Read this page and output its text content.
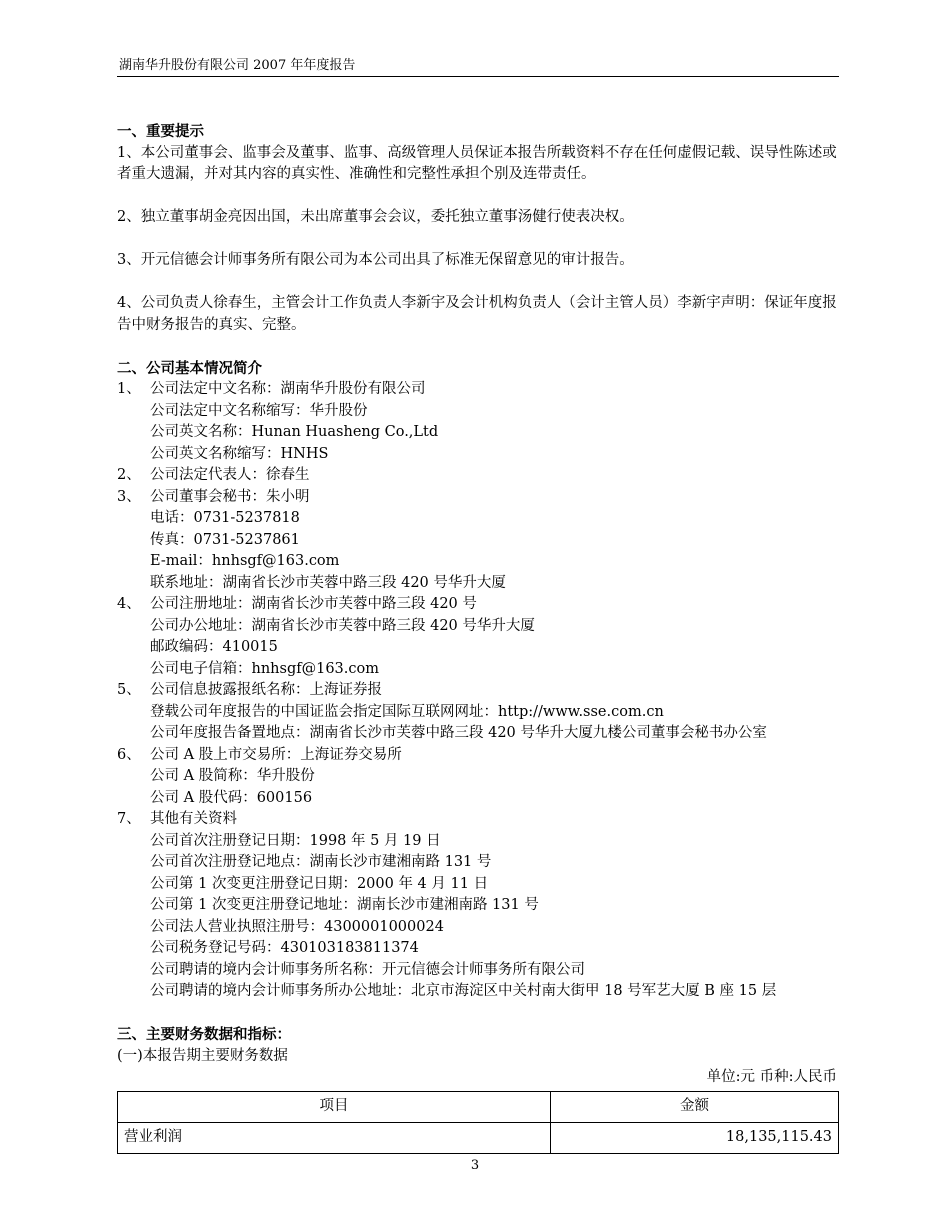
湖南华升股份有限公司 2007 年年度报告
一、重要提示
1、本公司董事会、监事会及董事、监事、高级管理人员保证本报告所载资料不存在任何虚假记载、误导性陈述或者重大遗漏，并对其内容的真实性、准确性和完整性承担个别及连带责任。
2、独立董事胡金亮因出国，未出席董事会会议，委托独立董事汤健行使表决权。
3、开元信德会计师事务所有限公司为本公司出具了标准无保留意见的审计报告。
4、公司负责人徐春生，主管会计工作负责人李新宇及会计机构负责人（会计主管人员）李新宇声明：保证年度报告中财务报告的真实、完整。
二、公司基本情况简介
1、 公司法定中文名称：湖南华升股份有限公司
公司法定中文名称缩写：华升股份
公司英文名称：Hunan Huasheng Co.,Ltd
公司英文名称缩写：HNHS
2、 公司法定代表人：徐春生
3、 公司董事会秘书：朱小明
电话：0731-5237818
传真：0731-5237861
E-mail：hnhsgf@163.com
联系地址：湖南省长沙市芙蓉中路三段 420 号华升大厦
4、 公司注册地址：湖南省长沙市芙蓉中路三段 420 号
公司办公地址：湖南省长沙市芙蓉中路三段 420 号华升大厦
邮政编码：410015
公司电子信箱：hnhsgf@163.com
5、 公司信息披露报纸名称：上海证券报
登载公司年度报告的中国证监会指定国际互联网网址：http://www.sse.com.cn
公司年度报告备置地点：湖南省长沙市芙蓉中路三段 420 号华升大厦九楼公司董事会秘书办公室
6、 公司 A 股上市交易所：上海证券交易所
公司 A 股简称：华升股份
公司 A 股代码：600156
7、 其他有关资料
公司首次注册登记日期：1998 年 5 月 19 日
公司首次注册登记地点：湖南长沙市建湘南路 131 号
公司第 1 次变更注册登记日期：2000 年 4 月 11 日
公司第 1 次变更注册登记地址：湖南长沙市建湘南路 131 号
公司法人营业执照注册号：4300001000024
公司税务登记号码：430103183811374
公司聘请的境内会计师事务所名称：开元信德会计师事务所有限公司
公司聘请的境内会计师事务所办公地址：北京市海淀区中关村南大街甲 18 号军艺大厦 B 座 15 层
三、主要财务数据和指标：
(一)本报告期主要财务数据
单位:元 币种:人民币
项目	金额
营业利润	18,135,115.43
3
